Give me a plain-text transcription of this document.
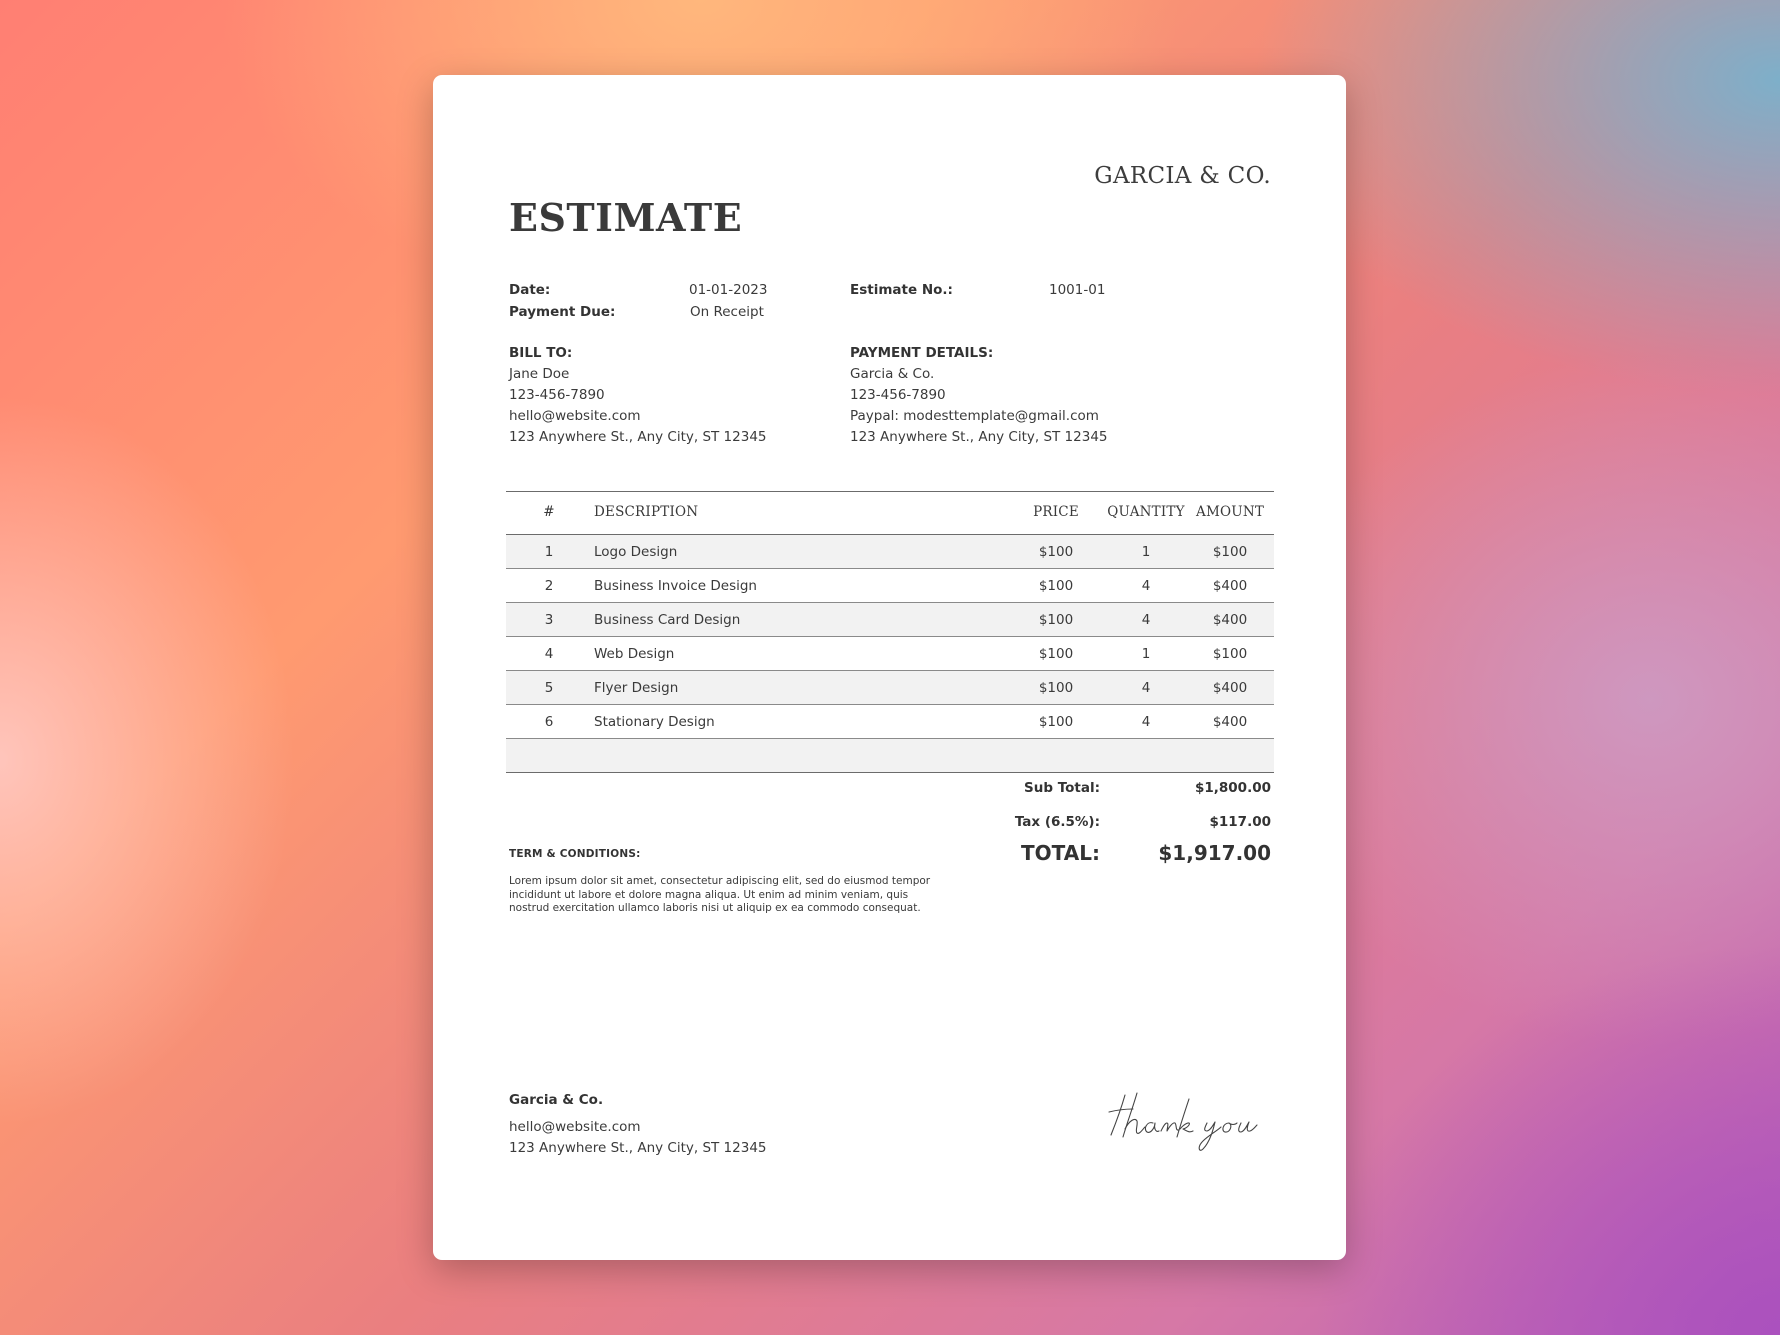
GARCIA & CO.
ESTIMATE
Date:	01-01-2023
Payment Due:	On Receipt
Estimate No.:	1001-01
BILL TO:
Jane Doe
123-456-7890
hello@website.com
123 Anywhere St., Any City, ST 12345
PAYMENT DETAILS:
Garcia & Co.
123-456-7890
Paypal: modesttemplate@gmail.com
123 Anywhere St., Any City, ST 12345
#	DESCRIPTION	PRICE	QUANTITY AMOUNT
1	Logo Design	$100	1	$100
2	Business Invoice Design	$100	4	$400
3	Business Card Design	$100	4	$400
4	Web Design	$100	1	$100
5	Flyer Design	$100	4	$400
6	Stationary Design	$100	4	$400
Sub Total:	$1,800.00
Tax (6.5%):	$117.00
TOTAL:	$1,917.00
TERM & CONDITIONS:
Lorem ipsum dolor sit amet, consectetur adipiscing elit, sed do eiusmod tempor incididunt ut labore et dolore magna aliqua. Ut enim ad minim veniam, quis nostrud exercitation ullamco laboris nisi ut aliquip ex ea commodo consequat.
Garcia & Co.
hello@website.com
123 Anywhere St., Any City, ST 12345
